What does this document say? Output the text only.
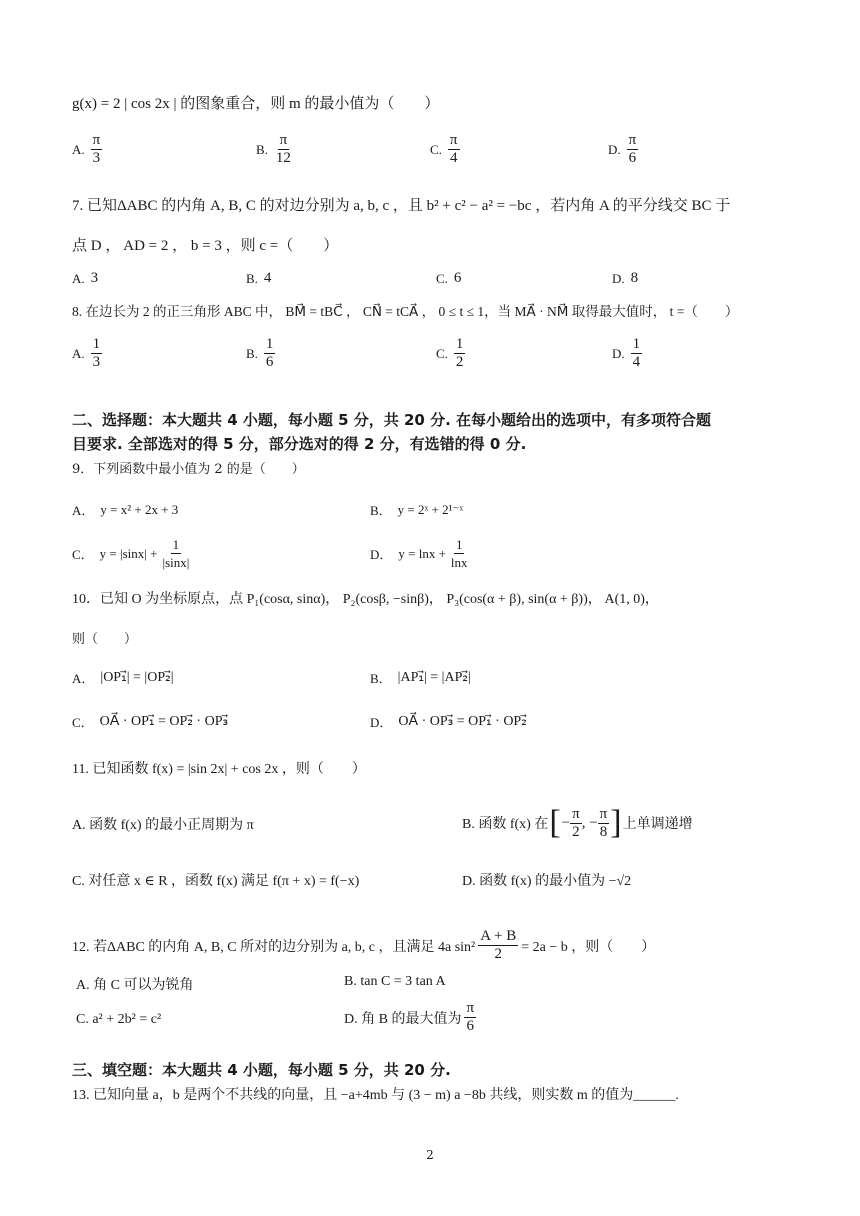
g(x) = 2 | cos 2x | 的图象重合，则 m 的最小值为（　　）
A. $\frac{\pi}{3}$	B. $\frac{\pi}{12}$	C. $\frac{\pi}{4}$	D. $\frac{\pi}{6}$
7. 已知ΔABC 的内角 A, B, C 的对边分别为 a, b, c ，且 b² + c² − a² = −bc ，若内角 A 的平分线交 BC 于
点 D ， AD = 2 ， b = 3 ，则 c =（　　）
A. 3	B. 4	C. 6	D. 8
8. 在边长为 2 的正三角形 ABC 中， BM⃗ = tBC⃗ ， CN⃗ = tCA⃗ ， 0 ≤ t ≤ 1，当 MA⃗ · NM⃗ 取得最大值时， t =（　　）
A. $\frac{1}{3}$	B. $\frac{1}{6}$	C. $\frac{1}{2}$	D. $\frac{1}{4}$
二、选择题：本大题共 4 小题，每小题 5 分，共 20 分. 在每小题给出的选项中，有多项符合题
目要求. 全部选对的得 5 分，部分选对的得 2 分，有选错的得 0 分.
9．下列函数中最小值为 2 的是（　　）
A． y = x² + 2x + 3	B． y = 2ˣ + 2¹⁻ˣ
C． $y = |\sin x| + \frac{1}{|\sin x|}$	D． $y = \ln x + \frac{1}{\ln x}$
10．已知 O 为坐标原点，点 P₁(cosα, sinα)， P₂(cosβ, −sinβ)， P₃(cos(α + β), sin(α + β))， A(1, 0)，
则（　　）
A． |OP₁⃗| = |OP₂⃗|	B． |AP₁⃗| = |AP₂⃗|
C． OA⃗ · OP₁⃗ = OP₂⃗ · OP₃⃗	D． OA⃗ · OP₃⃗ = OP₁⃗ · OP₂⃗
11. 已知函数 f(x) = |sin 2x| + cos 2x ，则（　　）
A. 函数 f(x) 的最小正周期为 π	B. 函数 f(x) 在 [ − $\frac{\pi}{2}$ , − $\frac{\pi}{8}$ ] 上单调递增
C. 对任意 x ∈ R ，函数 f(x) 满足 f(π + x) = f(−x)	D. 函数 f(x) 的最小值为 −√2
12. 若ΔABC 的内角 A, B, C 所对的边分别为 a, b, c ，且满足 4a $\sin^2 \frac{A + B}{2} = 2a - b$ ，则（　　）
A. 角 C 可以为锐角	B. tan C = 3 tan A
C. a² + 2b² = c²	D. 角 B 的最大值为 $\frac{\pi}{6}$
三、填空题：本大题共 4 小题，每小题 5 分，共 20 分.
13. 已知向量 a，b 是两个不共线的向量，且 −a+4mb 与 (3 − m) a −8b 共线，则实数 m 的值为______.
2
